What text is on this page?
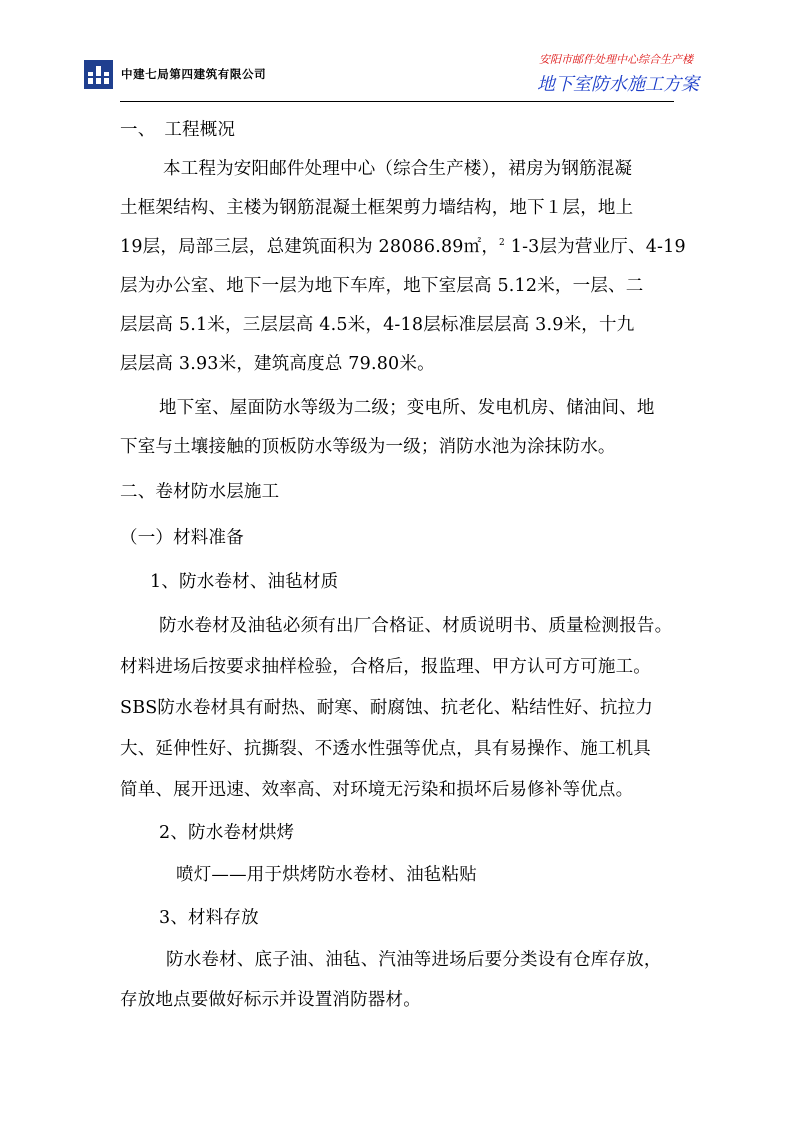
中建七局第四建筑有限公司
安阳市邮件处理中心综合生产楼
地下室防水施工方案
一、　工程概况
本工程为安阳邮件处理中心（综合生产楼），裙房为钢筋混凝
土框架结构、主楼为钢筋混凝土框架剪力墙结构，地下１层，地上
19层，局部三层，总建筑面积为 28086.89㎡，$^2$ 1-3层为营业厅、4-19
层为办公室、地下一层为地下车库，地下室层高 5.12米，一层、二
层层高 5.1米，三层层高 4.5米，4-18层标准层层高 3.9米，十九
层层高 3.93米，建筑高度总 79.80米。
地下室、屋面防水等级为二级；变电所、发电机房、储油间、地
下室与土壤接触的顶板防水等级为一级；消防水池为涂抹防水。
二、卷材防水层施工
（一）材料准备
1、防水卷材、油毡材质
防水卷材及油毡必须有出厂合格证、材质说明书、质量检测报告。
材料进场后按要求抽样检验，合格后，报监理、甲方认可方可施工。
SBS防水卷材具有耐热、耐寒、耐腐蚀、抗老化、粘结性好、抗拉力
大、延伸性好、抗撕裂、不透水性强等优点，具有易操作、施工机具
简单、展开迅速、效率高、对环境无污染和损坏后易修补等优点。
2、防水卷材烘烤
喷灯——用于烘烤防水卷材、油毡粘贴
3、材料存放
防水卷材、底子油、油毡、汽油等进场后要分类设有仓库存放，
存放地点要做好标示并设置消防器材。
